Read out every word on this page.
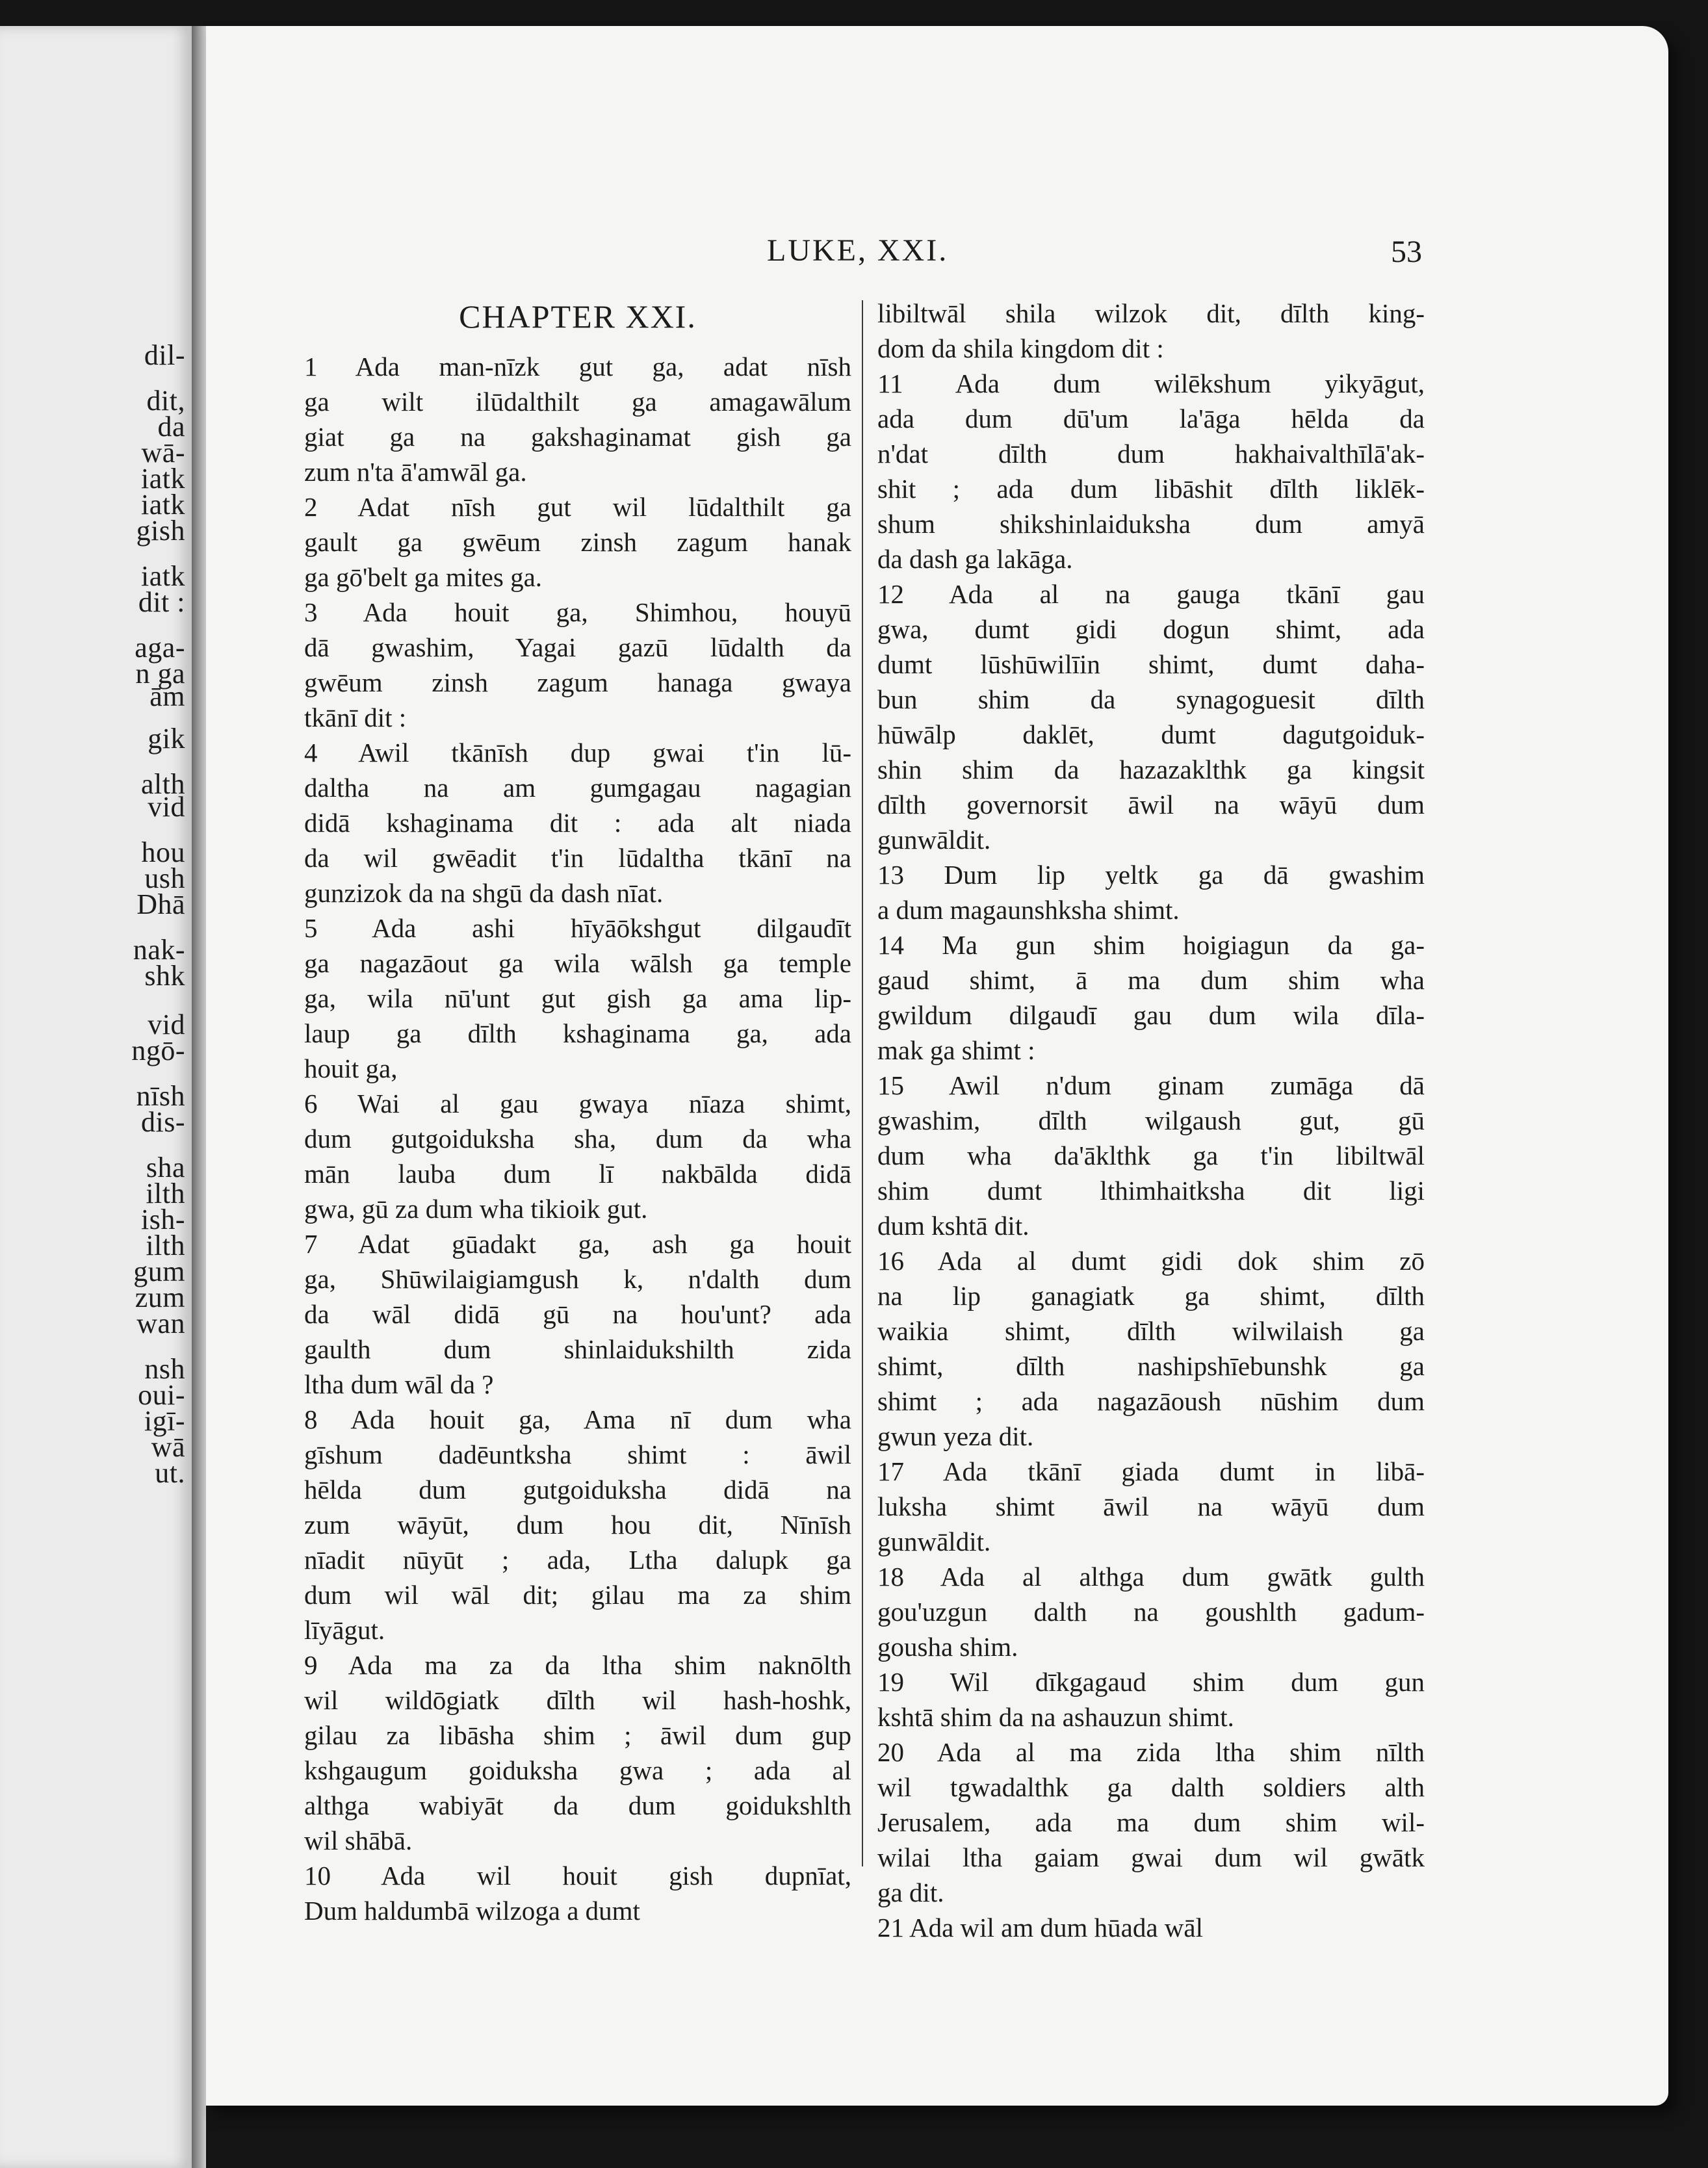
dil-
dit,
da
wā-
iatk
iatk
gish
iatk
dit :
aga-
n ga
ām
gik
alth
vid
hou
ush
Dhā
nak-
shk
vid
ngō-
nīsh
dis-
sha
ilth
ish-
ilth
gum
zum
wan
nsh
oui-
igī-
wā
ut.
LUKE, XXI.	53
CHAPTER XXI.
1 Ada man-nīzk gut ga, adat nīsh
ga wilt ilūdalthilt ga amagawālum
giat ga na gakshaginamat gish ga
zum n'ta ā'amwāl ga.
2 Adat nīsh gut wil lūdalthilt ga
gault ga gwēum zinsh zagum hanak
ga gō'belt ga mites ga.
3 Ada houit ga, Shimhou, houyū
dā gwashim, Yagai gazū lūdalth da
gwēum zinsh zagum hanaga gwaya
tkānī dit :
4 Awil tkānīsh dup gwai t'in lū-
daltha na am gumgagau nagagian
didā kshaginama dit : ada alt niada
da wil gwēadit t'in lūdaltha tkānī na
gunzizok da na shgū da dash nīat.
5 Ada ashi hīyāōkshgut dilgaudīt
ga nagazāout ga wila wālsh ga temple
ga, wila nū'unt gut gish ga ama lip-
laup ga dīlth kshaginama ga, ada
houit ga,
6 Wai al gau gwaya nīaza shimt,
dum gutgoiduksha sha, dum da wha
mān lauba dum lī nakbālda didā
gwa, gū za dum wha tikioik gut.
7 Adat gūadakt ga, ash ga houit
ga, Shūwilaigiamgush k, n'dalth dum
da wāl didā gū na hou'unt? ada
gaulth dum shinlaidukshilth zida
ltha dum wāl da ?
8 Ada houit ga, Ama nī dum wha
gīshum dadēuntksha shimt : āwil
hēlda dum gutgoiduksha didā na
zum wāyūt, dum hou dit, Nīnīsh
nīadit nūyūt ; ada, Ltha dalupk ga
dum wil wāl dit; gilau ma za shim
līyāgut.
9 Ada ma za da ltha shim naknōlth
wil wildōgiatk dīlth wil hash-hoshk,
gilau za libāsha shim ; āwil dum gup
kshgaugum goiduksha gwa ; ada al
althga wabiyāt da dum goidukshlth
wil shābā.
10 Ada wil houit gish dupnīat,
Dum haldumbā wilzoga a dumt
libiltwāl shila wilzok dit, dīlth king-
dom da shila kingdom dit :
11 Ada dum wilēkshum yikyāgut,
ada dum dū'um la'āga hēlda da
n'dat dīlth dum hakhaivalthīlā'ak-
shit ; ada dum libāshit dīlth liklēk-
shum shikshinlaiduksha dum amyā
da dash ga lakāga.
12 Ada al na gauga tkānī gau
gwa, dumt gidi dogun shimt, ada
dumt lūshūwilīin shimt, dumt daha-
bun shim da synagoguesit dīlth
hūwālp daklēt, dumt dagutgoiduk-
shin shim da hazazaklthk ga kingsit
dīlth governorsit āwil na wāyū dum
gunwāldit.
13 Dum lip yeltk ga dā gwashim
a dum magaunshksha shimt.
14 Ma gun shim hoigiagun da ga-
gaud shimt, ā ma dum shim wha
gwildum dilgaudī gau dum wila dīla-
mak ga shimt :
15 Awil n'dum ginam zumāga dā
gwashim, dīlth wilgaush gut, gū
dum wha da'āklthk ga t'in libiltwāl
shim dumt lthimhaitksha dit ligi
dum kshtā dit.
16 Ada al dumt gidi dok shim zō
na lip ganagiatk ga shimt, dīlth
waikia shimt, dīlth wilwilaish ga
shimt, dīlth nashipshīebunshk ga
shimt ; ada nagazāoush nūshim dum
gwun yeza dit.
17 Ada tkānī giada dumt in libā-
luksha shimt āwil na wāyū dum
gunwāldit.
18 Ada al althga dum gwātk gulth
gou'uzgun dalth na goushlth gadum-
gousha shim.
19 Wil dīkgagaud shim dum gun
kshtā shim da na ashauzun shimt.
20 Ada al ma zida ltha shim nīlth
wil tgwadalthk ga dalth soldiers alth
Jerusalem, ada ma dum shim wil-
wilai ltha gaiam gwai dum wil gwātk
ga dit.
21 Ada wil am dum hūada wāl
